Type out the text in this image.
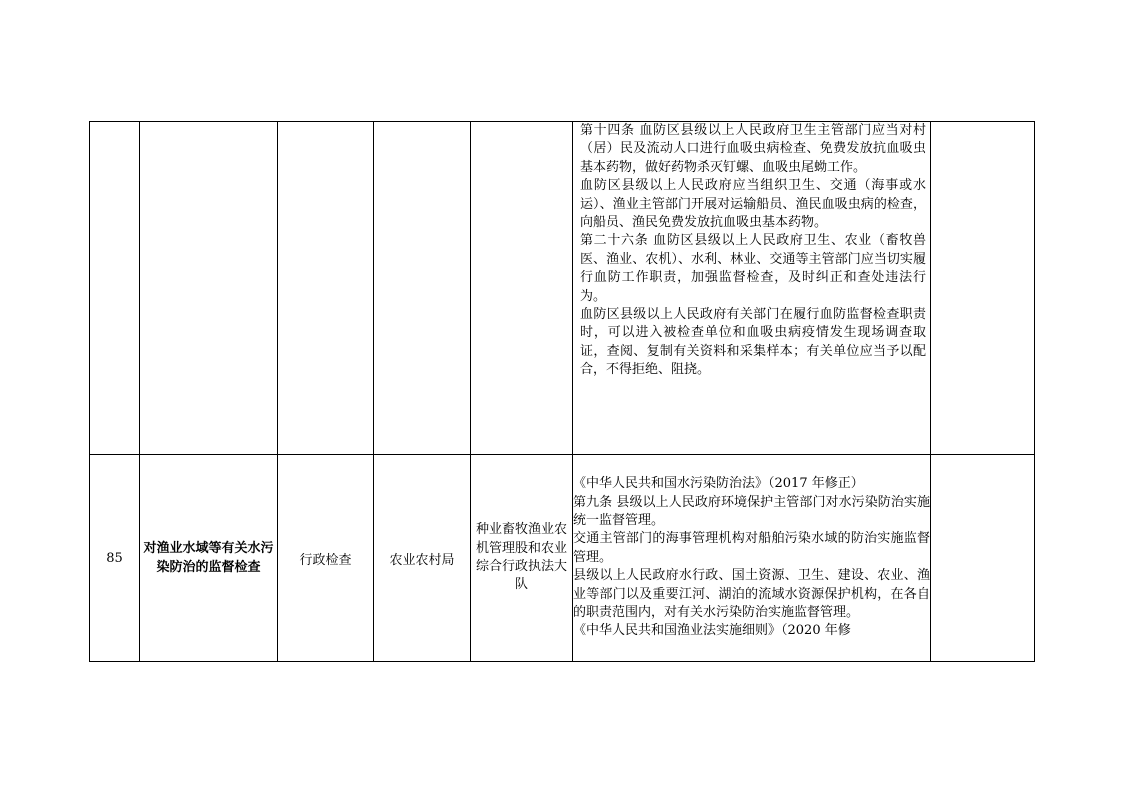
					第十四条 血防区县级以上人民政府卫生主管部门应当对村（居）民及流动人口进行血吸虫病检查、免费发放抗血吸虫基本药物，做好药物杀灭钉螺、血吸虫尾蚴工作。
血防区县级以上人民政府应当组织卫生、交通（海事或水运）、渔业主管部门开展对运输船员、渔民血吸虫病的检查，向船员、渔民免费发放抗血吸虫基本药物。
第二十六条 血防区县级以上人民政府卫生、农业（畜牧兽医、渔业、农机）、水利、林业、交通等主管部门应当切实履行血防工作职责，加强监督检查，及时纠正和查处违法行为。
血防区县级以上人民政府有关部门在履行血防监督检查职责时，可以进入被检查单位和血吸虫病疫情发生现场调查取证，查阅、复制有关资料和采集样本；有关单位应当予以配合，不得拒绝、阻挠。	

85	对渔业水域等有关水污染防治的监督检查	行政检查	农业农村局	种业畜牧渔业农机管理股和农业综合行政执法大队	《中华人民共和国水污染防治法》（2017 年修正）
第九条 县级以上人民政府环境保护主管部门对水污染防治实施统一监督管理。
交通主管部门的海事管理机构对船舶污染水域的防治实施监督管理。
县级以上人民政府水行政、国土资源、卫生、建设、农业、渔业等部门以及重要江河、湖泊的流域水资源保护机构，在各自的职责范围内，对有关水污染防治实施监督管理。
《中华人民共和国渔业法实施细则》（2020 年修	
